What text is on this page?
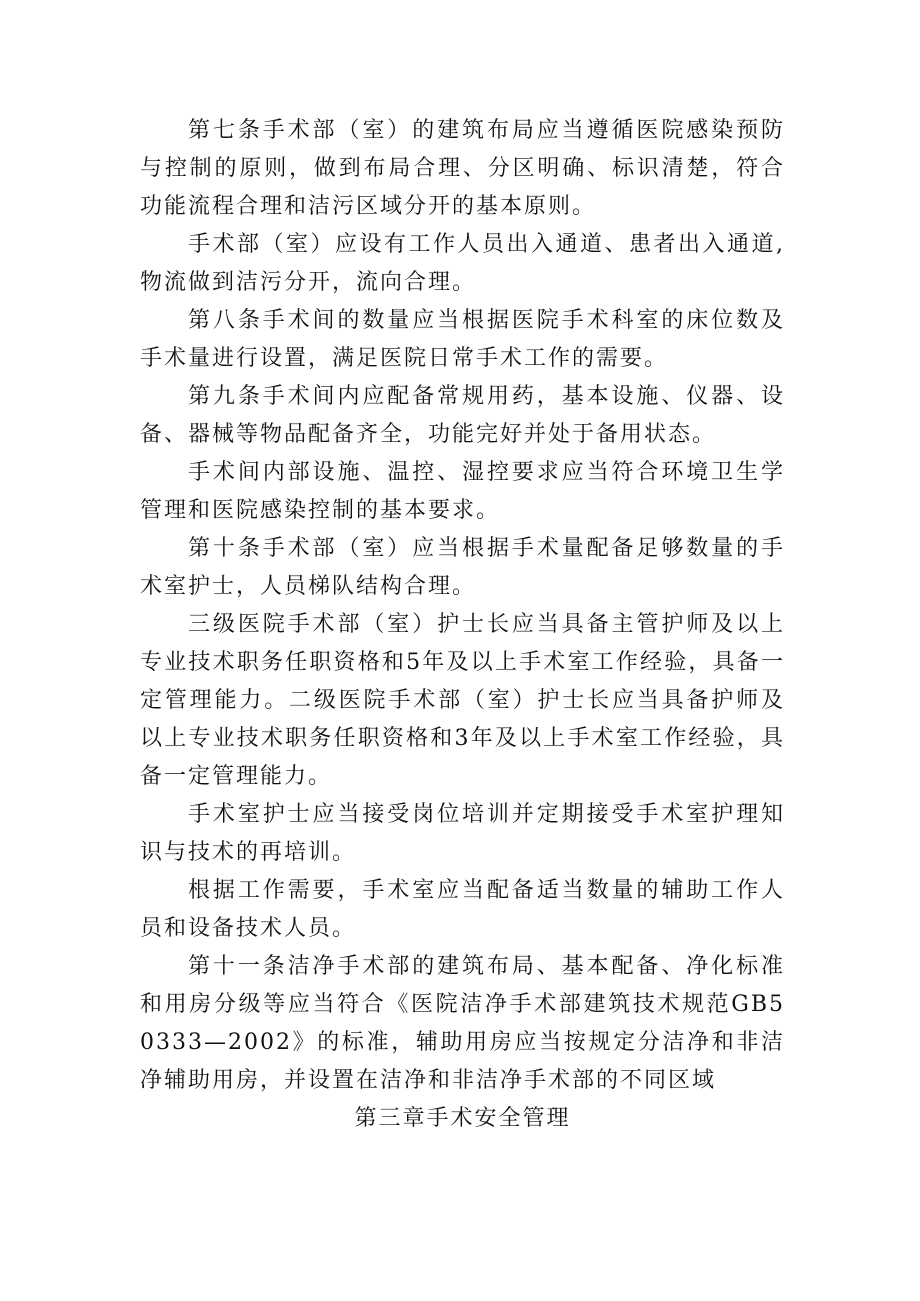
第七条手术部（室）的建筑布局应当遵循医院感染预防与控制的原则，做到布局合理、分区明确、标识清楚，符合功能流程合理和洁污区域分开的基本原则。

手术部（室）应设有工作人员出入通道、患者出入通道,物流做到洁污分开，流向合理。

第八条手术间的数量应当根据医院手术科室的床位数及手术量进行设置，满足医院日常手术工作的需要。

第九条手术间内应配备常规用药，基本设施、仪器、设备、器械等物品配备齐全，功能完好并处于备用状态。

手术间内部设施、温控、湿控要求应当符合环境卫生学管理和医院感染控制的基本要求。

第十条手术部（室）应当根据手术量配备足够数量的手术室护士，人员梯队结构合理。

三级医院手术部（室）护士长应当具备主管护师及以上专业技术职务任职资格和5年及以上手术室工作经验，具备一定管理能力。二级医院手术部（室）护士长应当具备护师及以上专业技术职务任职资格和3年及以上手术室工作经验，具备一定管理能力。

手术室护士应当接受岗位培训并定期接受手术室护理知识与技术的再培训。

根据工作需要，手术室应当配备适当数量的辅助工作人员和设备技术人员。

第十一条洁净手术部的建筑布局、基本配备、净化标准和用房分级等应当符合《医院洁净手术部建筑技术规范GB50333—2002》的标准，辅助用房应当按规定分洁净和非洁净辅助用房，并设置在洁净和非洁净手术部的不同区域

第三章手术安全管理
